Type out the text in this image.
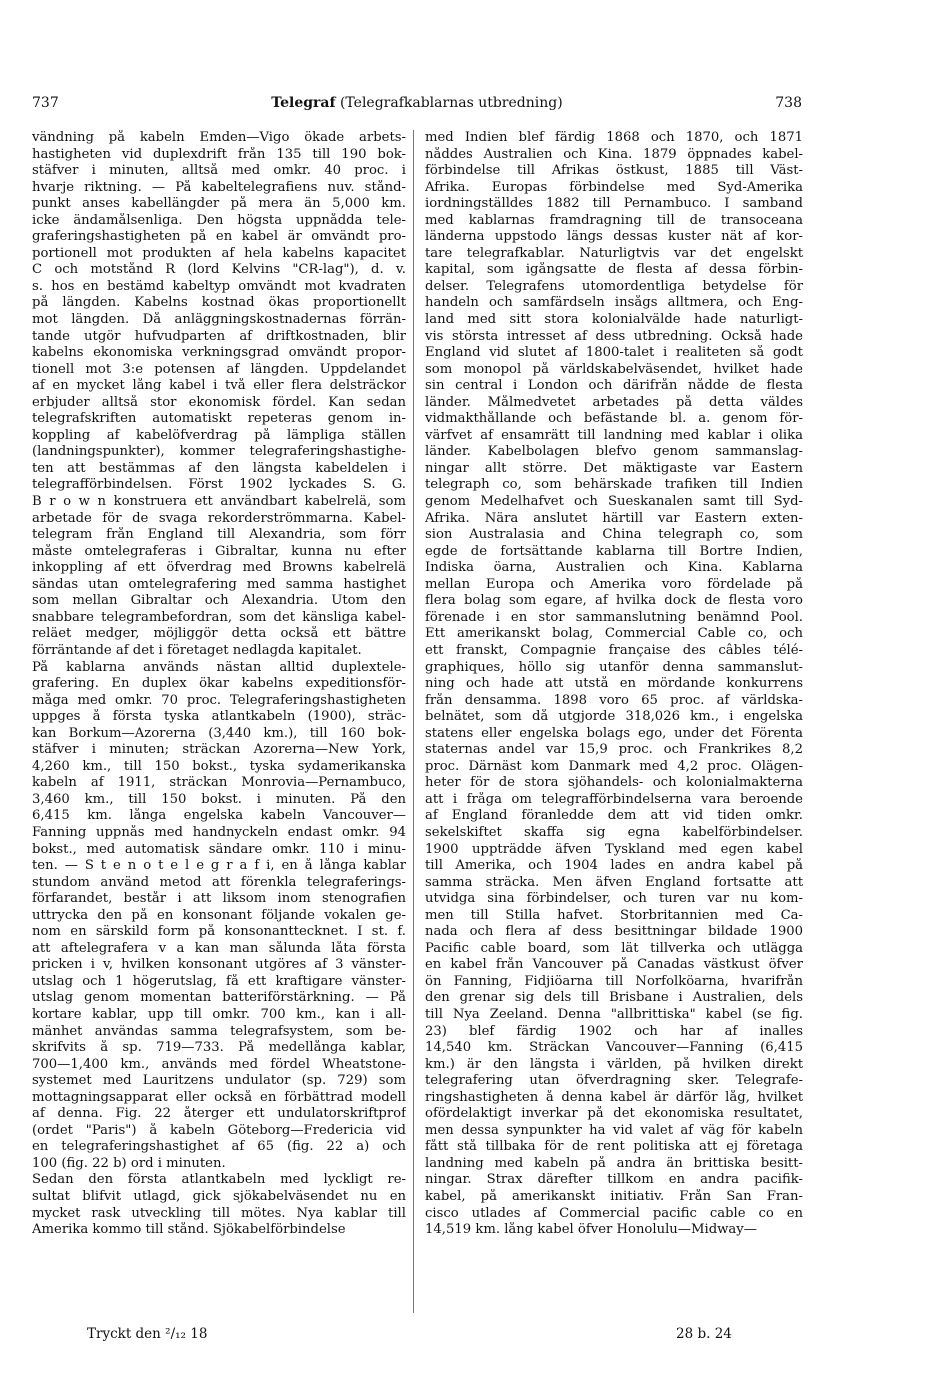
737	Telegraf (Telegrafkablarnas utbredning)	738
vändning på kabeln Emden—Vigo ökade arbets-
hastigheten vid duplexdrift från 135 till 190 bok-
stäfver i minuten, alltså med omkr. 40 proc. i
hvarje riktning. — På kabeltelegrafiens nuv. stånd-
punkt anses kabellängder på mera än 5,000 km.
icke ändamålsenliga. Den högsta uppnådda tele-
graferingshastigheten på en kabel är omvändt pro-
portionell mot produkten af hela kabelns kapacitet
C och motstånd R (lord Kelvins "CR-lag"), d. v.
s. hos en bestämd kabeltyp omvändt mot kvadraten
på längden. Kabelns kostnad ökas proportionellt
mot längden. Då anläggningskostnadernas förrän-
tande utgör hufvudparten af driftkostnaden, blir
kabelns ekonomiska verkningsgrad omvändt propor-
tionell mot 3:e potensen af längden. Uppdelandet
af en mycket lång kabel i två eller flera delsträckor
erbjuder alltså stor ekonomisk fördel. Kan sedan
telegrafskriften automatiskt repeteras genom in-
koppling af kabelöfverdrag på lämpliga ställen
(landningspunkter), kommer telegraferingshastighe-
ten att bestämmas af den längsta kabeldelen i
telegrafförbindelsen. Först 1902 lyckades S. G.
B r o w n konstruera ett användbart kabelrelä, som
arbetade för de svaga rekorderströmmarna. Kabel-
telegram från England till Alexandria, som förr
måste omtelegraferas i Gibraltar, kunna nu efter
inkoppling af ett öfverdrag med Browns kabelrelä
sändas utan omtelegrafering med samma hastighet
som mellan Gibraltar och Alexandria. Utom den
snabbare telegrambefordran, som det känsliga kabel-
reläet medger, möjliggör detta också ett bättre
förräntande af det i företaget nedlagda kapitalet.
På kablarna används nästan alltid duplextele-
grafering. En duplex ökar kabelns expeditionsför-
måga med omkr. 70 proc. Telegraferingshastigheten
uppges å första tyska atlantkabeln (1900), sträc-
kan Borkum—Azorerna (3,440 km.), till 160 bok-
stäfver i minuten; sträckan Azorerna—New York,
4,260 km., till 150 bokst., tyska sydamerikanska
kabeln af 1911, sträckan Monrovia—Pernambuco,
3,460 km., till 150 bokst. i minuten. På den
6,415 km. långa engelska kabeln Vancouver—
Fanning uppnås med handnyckeln endast omkr. 94
bokst., med automatisk sändare omkr. 110 i minu-
ten. — S t e n o t e l e g r a f i, en å långa kablar
stundom använd metod att förenkla telegraferings-
förfarandet, består i att liksom inom stenografien
uttrycka den på en konsonant följande vokalen ge-
nom en särskild form på konsonanttecknet. I st. f.
att aftelegrafera v a kan man sålunda låta första
pricken i v, hvilken konsonant utgöres af 3 vänster-
utslag och 1 högerutslag, få ett kraftigare vänster-
utslag genom momentan batteriförstärkning. — På
kortare kablar, upp till omkr. 700 km., kan i all-
mänhet användas samma telegrafsystem, som be-
skrifvits å sp. 719—733. På medellånga kablar,
700—1,400 km., används med fördel Wheatstone-
systemet med Lauritzens undulator (sp. 729) som
mottagningsapparat eller också en förbättrad modell
af denna. Fig. 22 återger ett undulatorskriftprof
(ordet "Paris") å kabeln Göteborg—Fredericia vid
en telegraferingshastighet af 65 (fig. 22 a) och
100 (fig. 22 b) ord i minuten.
Sedan den första atlantkabeln med lyckligt re-
sultat blifvit utlagd, gick sjökabelväsendet nu en
mycket rask utveckling till mötes. Nya kablar till
Amerika kommo till stånd. Sjökabelförbindelse
med Indien blef färdig 1868 och 1870, och 1871
nåddes Australien och Kina. 1879 öppnades kabel-
förbindelse till Afrikas östkust, 1885 till Väst-
Afrika. Europas förbindelse med Syd-Amerika
iordningställdes 1882 till Pernambuco. I samband
med kablarnas framdragning till de transoceana
länderna uppstodo längs dessas kuster nät af kor-
tare telegrafkablar. Naturligtvis var det engelskt
kapital, som igångsatte de flesta af dessa förbin-
delser. Telegrafens utomordentliga betydelse för
handeln och samfärdseln insågs alltmera, och Eng-
land med sitt stora kolonialvälde hade naturligt-
vis största intresset af dess utbredning. Också hade
England vid slutet af 1800-talet i realiteten så godt
som monopol på världskabelväsendet, hvilket hade
sin central i London och därifrån nådde de flesta
länder. Målmedvetet arbetades på detta väldes
vidmakthållande och befästande bl. a. genom för-
värfvet af ensamrätt till landning med kablar i olika
länder. Kabelbolagen blefvo genom sammanslag-
ningar allt större. Det mäktigaste var Eastern
telegraph co, som behärskade trafiken till Indien
genom Medelhafvet och Sueskanalen samt till Syd-
Afrika. Nära anslutet härtill var Eastern exten-
sion Australasia and China telegraph co, som
egde de fortsättande kablarna till Bortre Indien,
Indiska öarna, Australien och Kina. Kablarna
mellan Europa och Amerika voro fördelade på
flera bolag som egare, af hvilka dock de flesta voro
förenade i en stor sammanslutning benämnd Pool.
Ett amerikanskt bolag, Commercial Cable co, och
ett franskt, Compagnie française des câbles télé-
graphiques, höllo sig utanför denna sammanslut-
ning och hade att utstå en mördande konkurrens
från densamma. 1898 voro 65 proc. af världska-
belnätet, som då utgjorde 318,026 km., i engelska
statens eller engelska bolags ego, under det Förenta
staternas andel var 15,9 proc. och Frankrikes 8,2
proc. Därnäst kom Danmark med 4,2 proc. Olägen-
heter för de stora sjöhandels- och kolonialmakterna
att i fråga om telegrafförbindelserna vara beroende
af England föranledde dem att vid tiden omkr.
sekelskiftet skaffa sig egna kabelförbindelser.
1900 uppträdde äfven Tyskland med egen kabel
till Amerika, och 1904 lades en andra kabel på
samma sträcka. Men äfven England fortsatte att
utvidga sina förbindelser, och turen var nu kom-
men till Stilla hafvet. Storbritannien med Ca-
nada och flera af dess besittningar bildade 1900
Pacific cable board, som lät tillverka och utlägga
en kabel från Vancouver på Canadas västkust öfver
ön Fanning, Fidjiöarna till Norfolköarna, hvarifrån
den grenar sig dels till Brisbane i Australien, dels
till Nya Zeeland. Denna "allbrittiska" kabel (se fig.
23) blef färdig 1902 och har af inalles
14,540 km. Sträckan Vancouver—Fanning (6,415
km.) är den längsta i världen, på hvilken direkt
telegrafering utan öfverdragning sker. Telegrafe-
ringshastigheten å denna kabel är därför låg, hvilket
ofördelaktigt inverkar på det ekonomiska resultatet,
men dessa synpunkter ha vid valet af väg för kabeln
fått stå tillbaka för de rent politiska att ej företaga
landning med kabeln på andra än brittiska besitt-
ningar. Strax därefter tillkom en andra pacifik-
kabel, på amerikanskt initiativ. Från San Fran-
cisco utlades af Commercial pacific cable co en
14,519 km. lång kabel öfver Honolulu—Midway—
Tryckt den ²/₁₂ 18	28 b. 24
